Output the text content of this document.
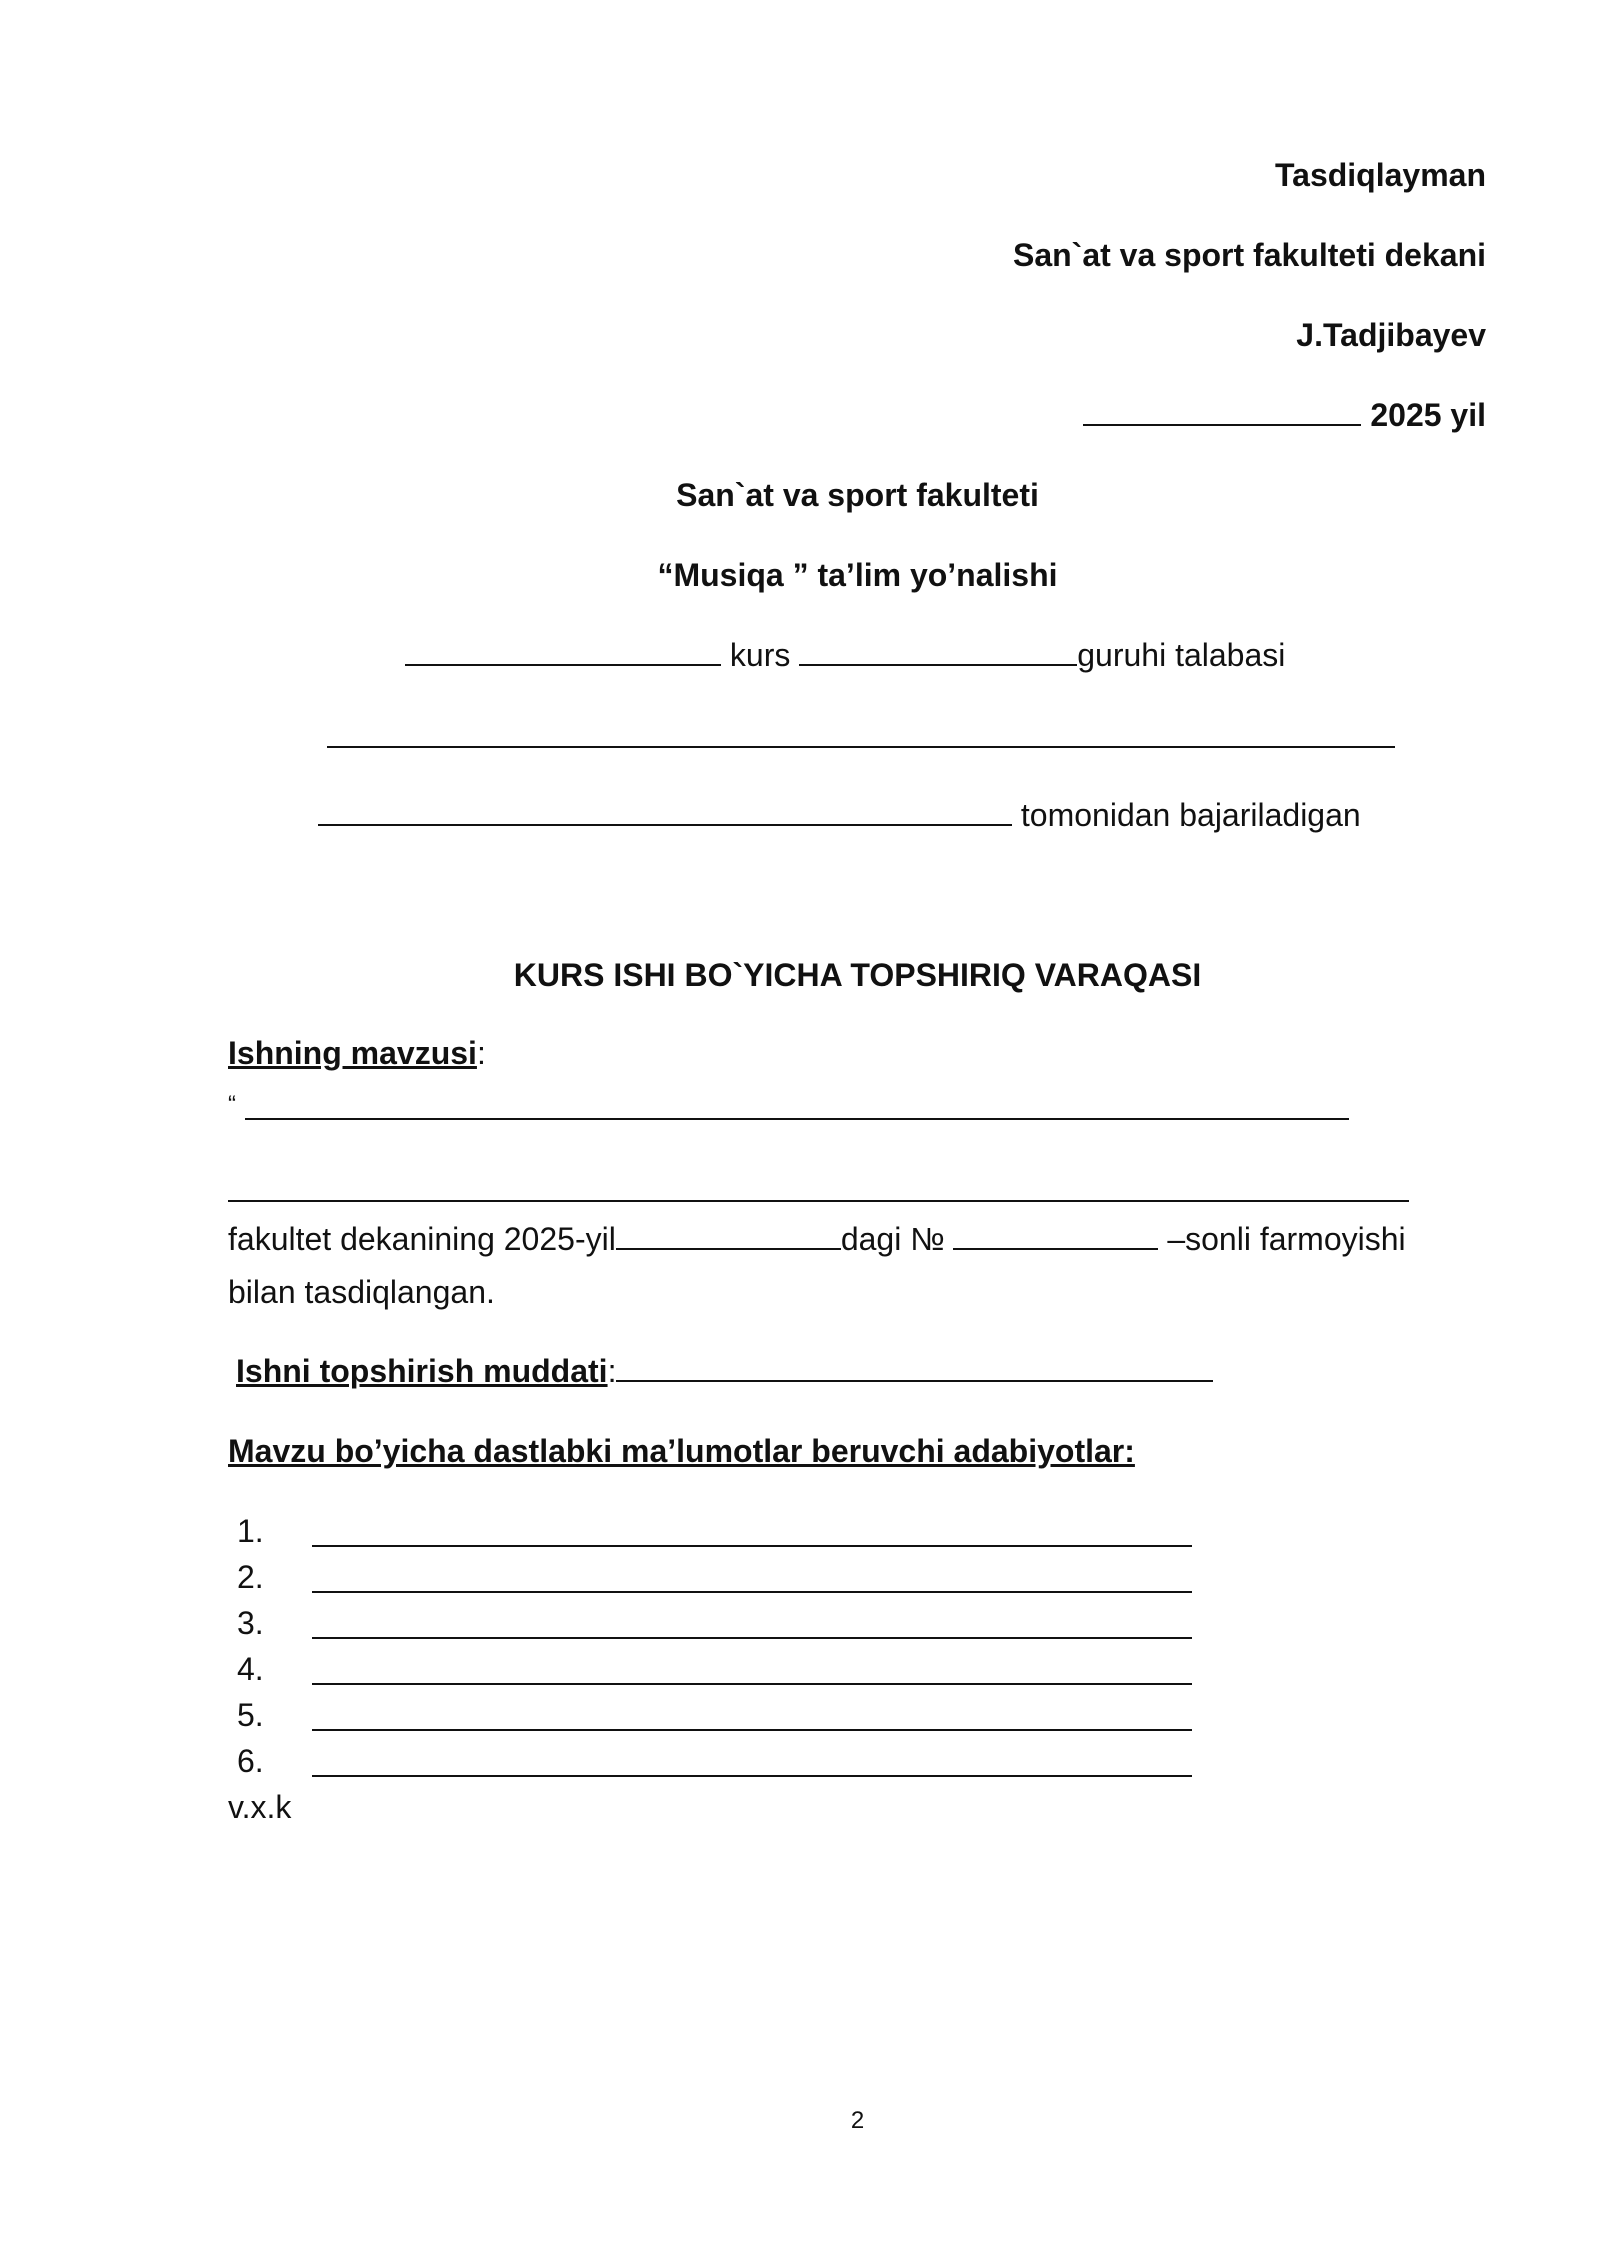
Tasdiqlayman
San`at va sport fakulteti dekani
J.Tadjibayev
2025 yil
San`at va sport fakulteti
“Musiqa ” ta’lim yo’nalishi
kurs	guruhi talabasi
tomonidan bajariladigan
KURS ISHI BO`YICHA TOPSHIRIQ VARAQASI
Ishning mavzusi:
“
fakultet dekanining 2025-yil	dagi №	–sonli farmoyishi
bilan tasdiqlangan.
Ishni topshirish muddati:
Mavzu bo’yicha dastlabki ma’lumotlar beruvchi adabiyotlar:
1.
2.
3.
4.
5.
6.
v.x.k
2
